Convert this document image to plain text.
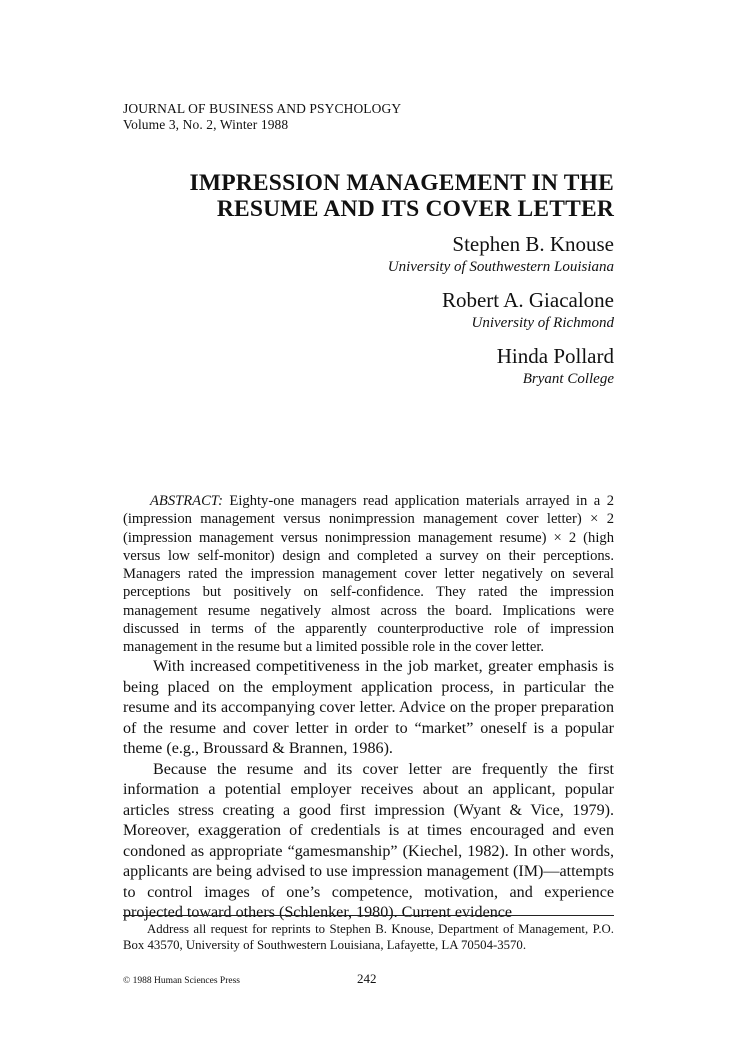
JOURNAL OF BUSINESS AND PSYCHOLOGY
Volume 3, No. 2, Winter 1988
IMPRESSION MANAGEMENT IN THE
RESUME AND ITS COVER LETTER
Stephen B. Knouse
University of Southwestern Louisiana
Robert A. Giacalone
University of Richmond
Hinda Pollard
Bryant College

ABSTRACT: Eighty-one managers read application materials arrayed in a 2 (impression management versus nonimpression management cover letter) × 2 (impression management versus nonimpression management resume) × 2 (high versus low self-monitor) design and completed a survey on their perceptions. Managers rated the impression management cover letter negatively on several perceptions but positively on self-confidence. They rated the impression management resume negatively almost across the board. Implications were discussed in terms of the apparently counterproductive role of impression management in the resume but a limited possible role in the cover letter.

With increased competitiveness in the job market, greater emphasis is being placed on the employment application process, in particular the resume and its accompanying cover letter. Advice on the proper preparation of the resume and cover letter in order to “market” oneself is a popular theme (e.g., Broussard & Brannen, 1986).

Because the resume and its cover letter are frequently the first information a potential employer receives about an applicant, popular articles stress creating a good first impression (Wyant & Vice, 1979). Moreover, exaggeration of credentials is at times encouraged and even condoned as appropriate “gamesmanship” (Kiechel, 1982). In other words, applicants are being advised to use impression management (IM)—attempts to control images of one’s competence, motivation, and experience projected toward others (Schlenker, 1980). Current evidence

Address all request for reprints to Stephen B. Knouse, Department of Management, P.O. Box 43570, University of Southwestern Louisiana, Lafayette, LA 70504-3570.

© 1988 Human Sciences Press	242
